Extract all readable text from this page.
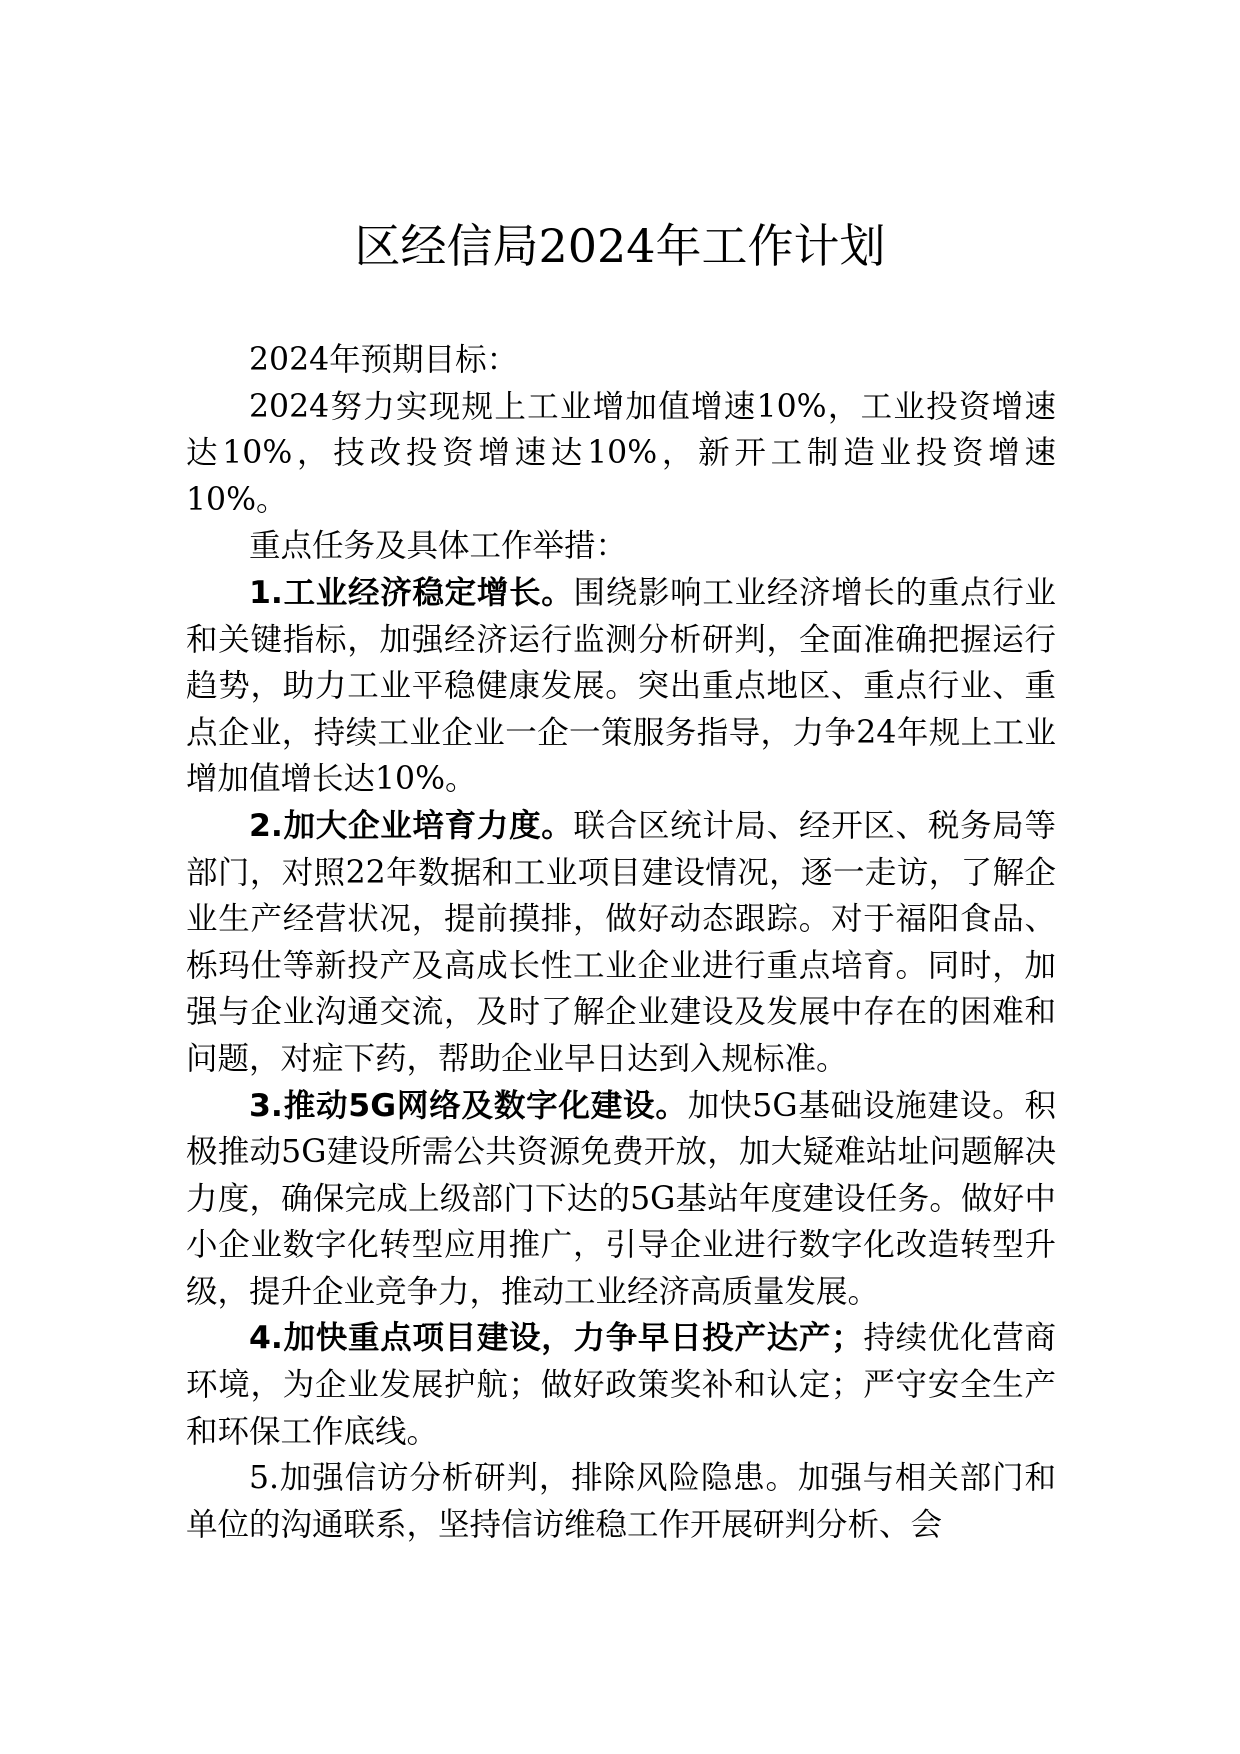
区经信局2024年工作计划

2024年预期目标：

2024努力实现规上工业增加值增速10%，工业投资增速达10%，技改投资增速达10%，新开工制造业投资增速10%。

重点任务及具体工作举措：

1.工业经济稳定增长。围绕影响工业经济增长的重点行业和关键指标，加强经济运行监测分析研判，全面准确把握运行趋势，助力工业平稳健康发展。突出重点地区、重点行业、重点企业，持续工业企业一企一策服务指导，力争24年规上工业增加值增长达10%。

2.加大企业培育力度。联合区统计局、经开区、税务局等部门，对照22年数据和工业项目建设情况，逐一走访，了解企业生产经营状况，提前摸排，做好动态跟踪。对于福阳食品、栎玛仕等新投产及高成长性工业企业进行重点培育。同时，加强与企业沟通交流，及时了解企业建设及发展中存在的困难和问题，对症下药，帮助企业早日达到入规标准。

3.推动5G网络及数字化建设。加快5G基础设施建设。积极推动5G建设所需公共资源免费开放，加大疑难站址问题解决力度，确保完成上级部门下达的5G基站年度建设任务。做好中小企业数字化转型应用推广，引导企业进行数字化改造转型升级，提升企业竞争力，推动工业经济高质量发展。

4.加快重点项目建设，力争早日投产达产；持续优化营商环境，为企业发展护航；做好政策奖补和认定；严守安全生产和环保工作底线。

5.加强信访分析研判，排除风险隐患。加强与相关部门和单位的沟通联系，坚持信访维稳工作开展研判分析、会
